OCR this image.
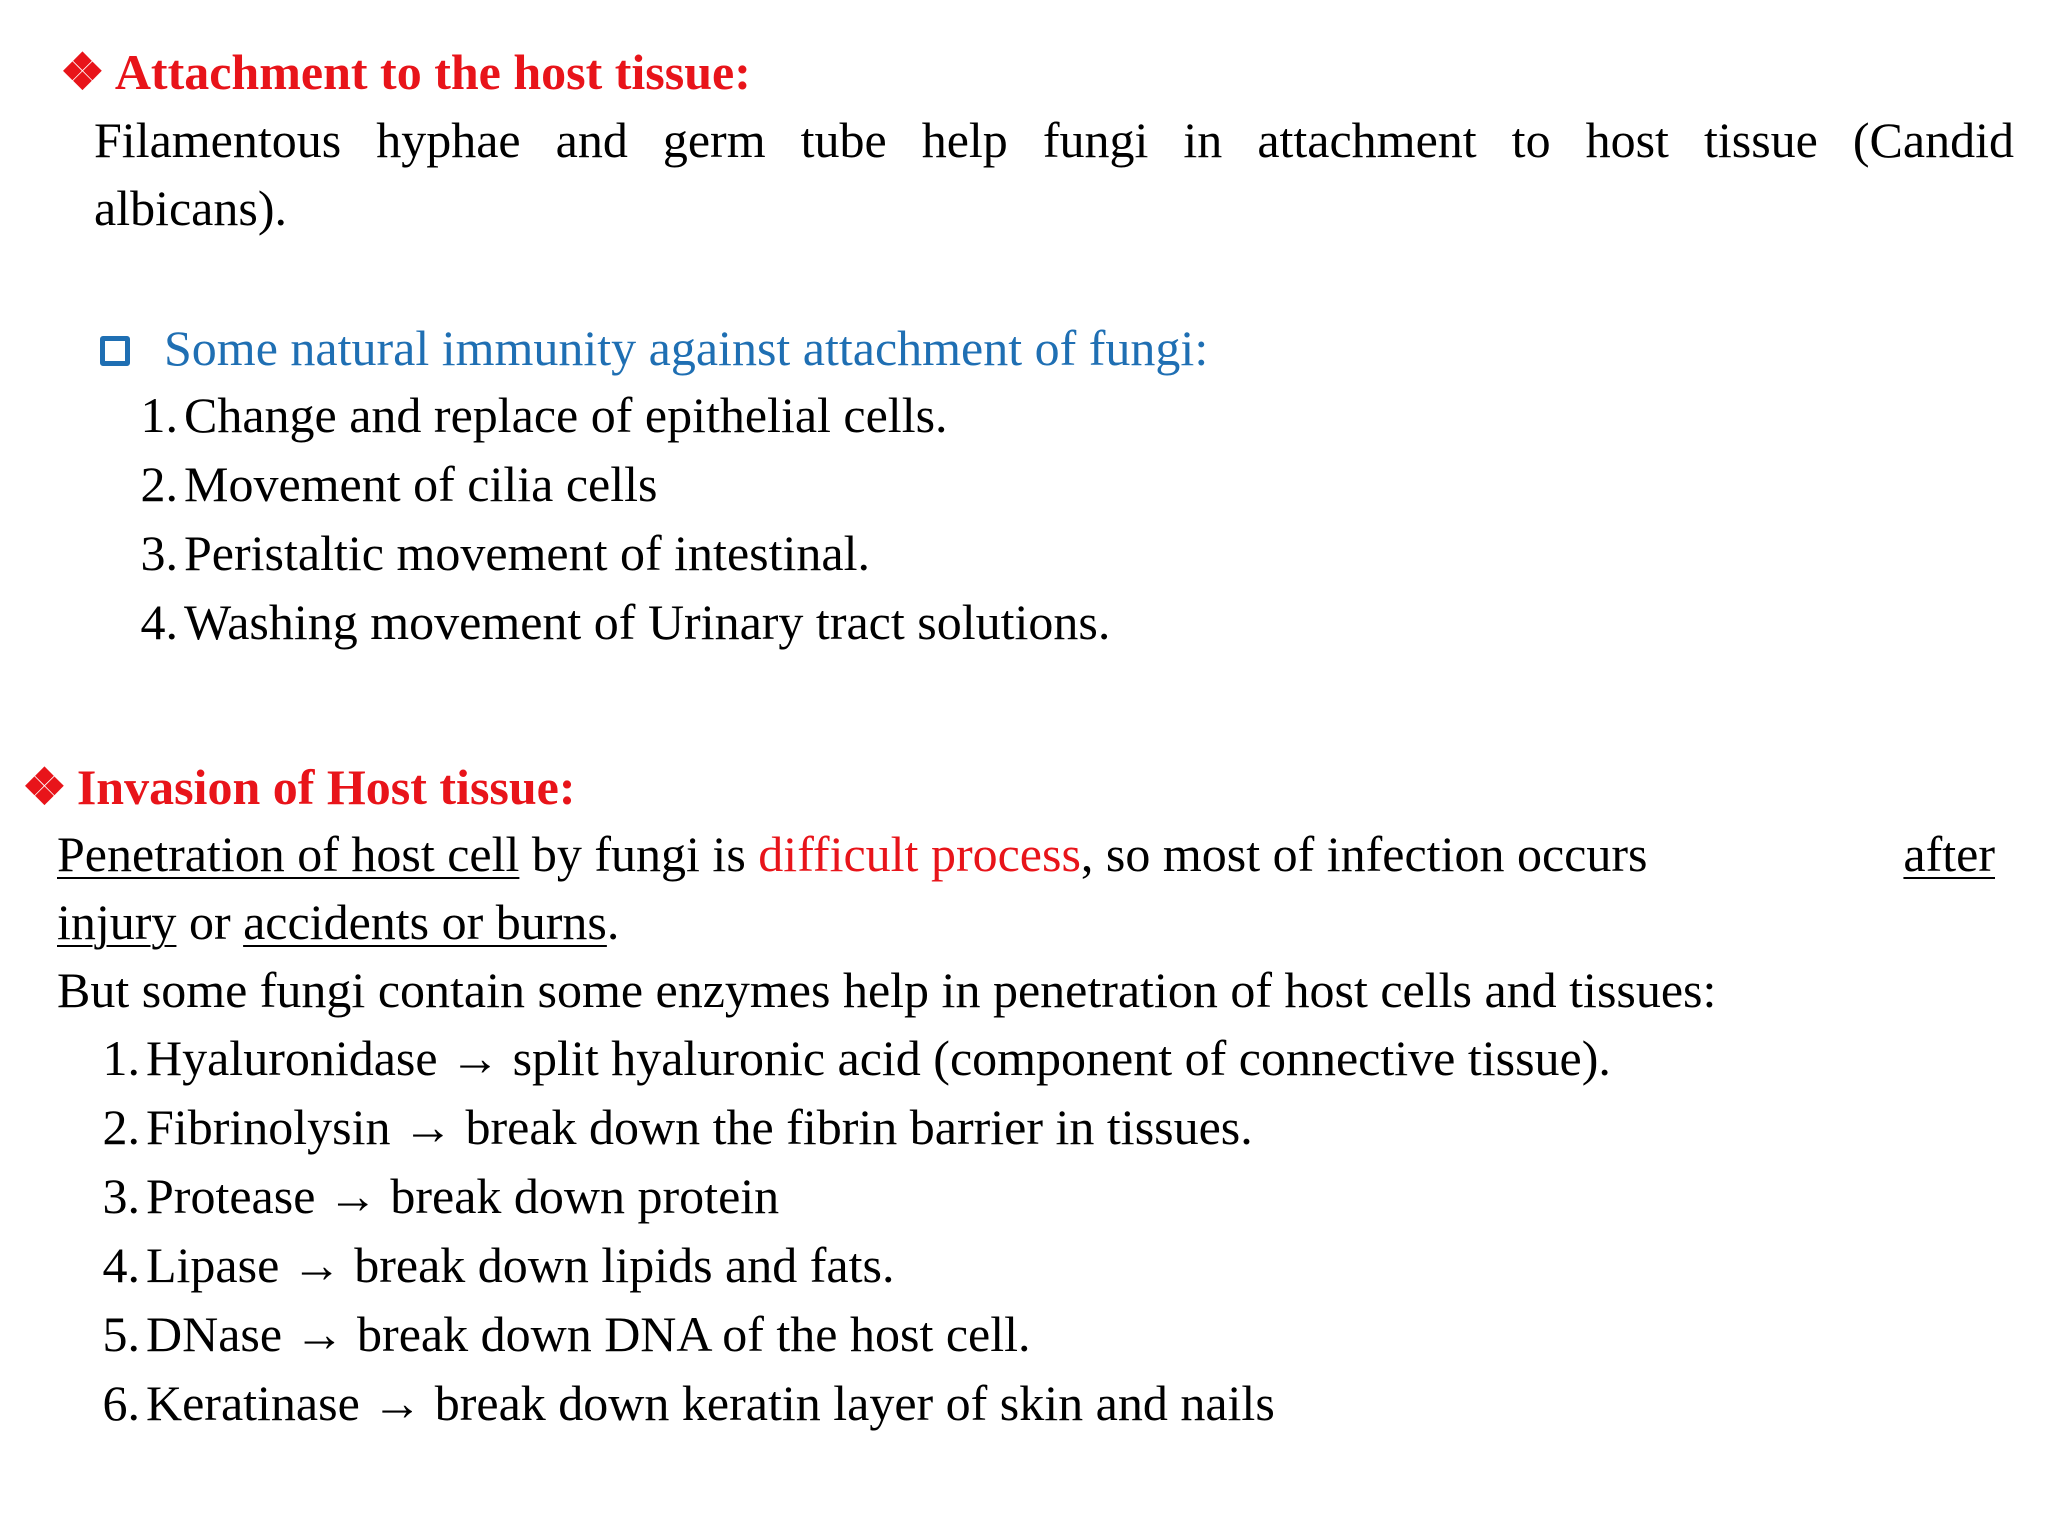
❖ Attachment to the host tissue:
Filamentous hyphae and germ tube help fungi in attachment to host tissue (Candid
albicans).
Some natural immunity against attachment of fungi:
1. Change and replace of epithelial cells.
2. Movement of cilia cells
3. Peristaltic movement of intestinal.
4. Washing movement of Urinary tract solutions.
❖ Invasion of Host tissue:
Penetration of host cell by fungi is difficult process, so most of infection occurs	after
injury or accidents or burns.
But some fungi contain some enzymes help in penetration of host cells and tissues:
1. Hyaluronidase → split hyaluronic acid (component of connective tissue).
2. Fibrinolysin → break down the fibrin barrier in tissues.
3. Protease → break down protein
4. Lipase → break down lipids and fats.
5. DNase → break down DNA of the host cell.
6. Keratinase → break down keratin layer of skin and nails
